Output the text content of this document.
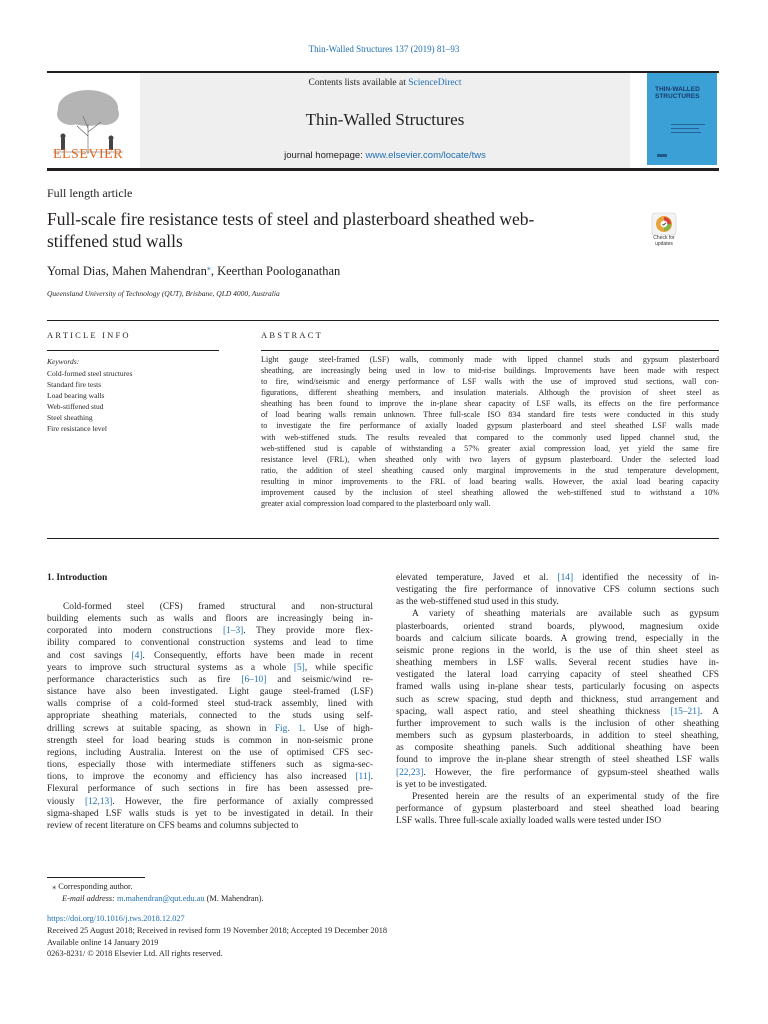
Thin-Walled Structures 137 (2019) 81–93
ELSEVIER
Contents lists available at ScienceDirect
Thin-Walled Structures
journal homepage: www.elsevier.com/locate/tws
THIN-WALLED
STRUCTURES
Full length article
Full-scale fire resistance tests of steel and plasterboard sheathed web-
stiffened stud walls	Check for
updates
Yomal Dias, Mahen Mahendran⁎, Keerthan Poologanathan
Queensland University of Technology (QUT), Brisbane, QLD 4000, Australia
ARTICLE INFO	ABSTRACT
Keywords:
Cold-formed steel structures
Standard fire tests
Load bearing walls
Web-stiffened stud
Steel sheathing
Fire resistance level
Light gauge steel-framed (LSF) walls, commonly made with lipped channel studs and gypsum plasterboard
sheathing, are increasingly being used in low to mid-rise buildings. Improvements have been made with respect
to fire, wind/seismic and energy performance of LSF walls with the use of improved stud sections, wall con-
figurations, different sheathing members, and insulation materials. Although the provision of sheet steel as
sheathing has been found to improve the in-plane shear capacity of LSF walls, its effects on the fire performance
of load bearing walls remain unknown. Three full-scale ISO 834 standard fire tests were conducted in this study
to investigate the fire performance of axially loaded gypsum plasterboard and steel sheathed LSF walls made
with web-stiffened studs. The results revealed that compared to the commonly used lipped channel stud, the
web-stiffened stud is capable of withstanding a 57% greater axial compression load, yet yield the same fire
resistance level (FRL), when sheathed only with two layers of gypsum plasterboard. Under the selected load
ratio, the addition of steel sheathing caused only marginal improvements in the stud temperature development,
resulting in minor improvements to the FRL of load bearing walls. However, the axial load bearing capacity
improvement caused by the inclusion of steel sheathing allowed the web-stiffened stud to withstand a 10%
greater axial compression load compared to the plasterboard only wall.
1. Introduction
Cold-formed steel (CFS) framed structural and non-structural
building elements such as walls and floors are increasingly being in-
corporated into modern constructions [1–3]. They provide more flex-
ibility compared to conventional construction systems and lead to time
and cost savings [4]. Consequently, efforts have been made in recent
years to improve such structural systems as a whole [5], while specific
performance characteristics such as fire [6–10] and seismic/wind re-
sistance have also been investigated. Light gauge steel-framed (LSF)
walls comprise of a cold-formed steel stud-track assembly, lined with
appropriate sheathing materials, connected to the studs using self-
drilling screws at suitable spacing, as shown in Fig. 1. Use of high-
strength steel for load bearing studs is common in non-seismic prone
regions, including Australia. Interest on the use of optimised CFS sec-
tions, especially those with intermediate stiffeners such as sigma-sec-
tions, to improve the economy and efficiency has also increased [11].
Flexural performance of such sections in fire has been assessed pre-
viously [12,13]. However, the fire performance of axially compressed
sigma-shaped LSF walls studs is yet to be investigated in detail. In their
review of recent literature on CFS beams and columns subjected to
elevated temperature, Javed et al. [14] identified the necessity of in-
vestigating the fire performance of innovative CFS column sections such
as the web-stiffened stud used in this study.
A variety of sheathing materials are available such as gypsum
plasterboards, oriented strand boards, plywood, magnesium oxide
boards and calcium silicate boards. A growing trend, especially in the
seismic prone regions in the world, is the use of thin sheet steel as
sheathing members in LSF walls. Several recent studies have in-
vestigated the lateral load carrying capacity of steel sheathed CFS
framed walls using in-plane shear tests, particularly focusing on aspects
such as screw spacing, stud depth and thickness, stud arrangement and
spacing, wall aspect ratio, and steel sheathing thickness [15–21]. A
further improvement to such walls is the inclusion of other sheathing
members such as gypsum plasterboards, in addition to steel sheathing,
as composite sheathing panels. Such additional sheathing have been
found to improve the in-plane shear strength of steel sheathed LSF walls
[22,23]. However, the fire performance of gypsum-steel sheathed walls
is yet to be investigated.
Presented herein are the results of an experimental study of the fire
performance of gypsum plasterboard and steel sheathed load bearing
LSF walls. Three full-scale axially loaded walls were tested under ISO
⁎ Corresponding author.
E-mail address: m.mahendran@qut.edu.au (M. Mahendran).
https://doi.org/10.1016/j.tws.2018.12.027
Received 25 August 2018; Received in revised form 19 November 2018; Accepted 19 December 2018
Available online 14 January 2019
0263-8231/ © 2018 Elsevier Ltd. All rights reserved.
